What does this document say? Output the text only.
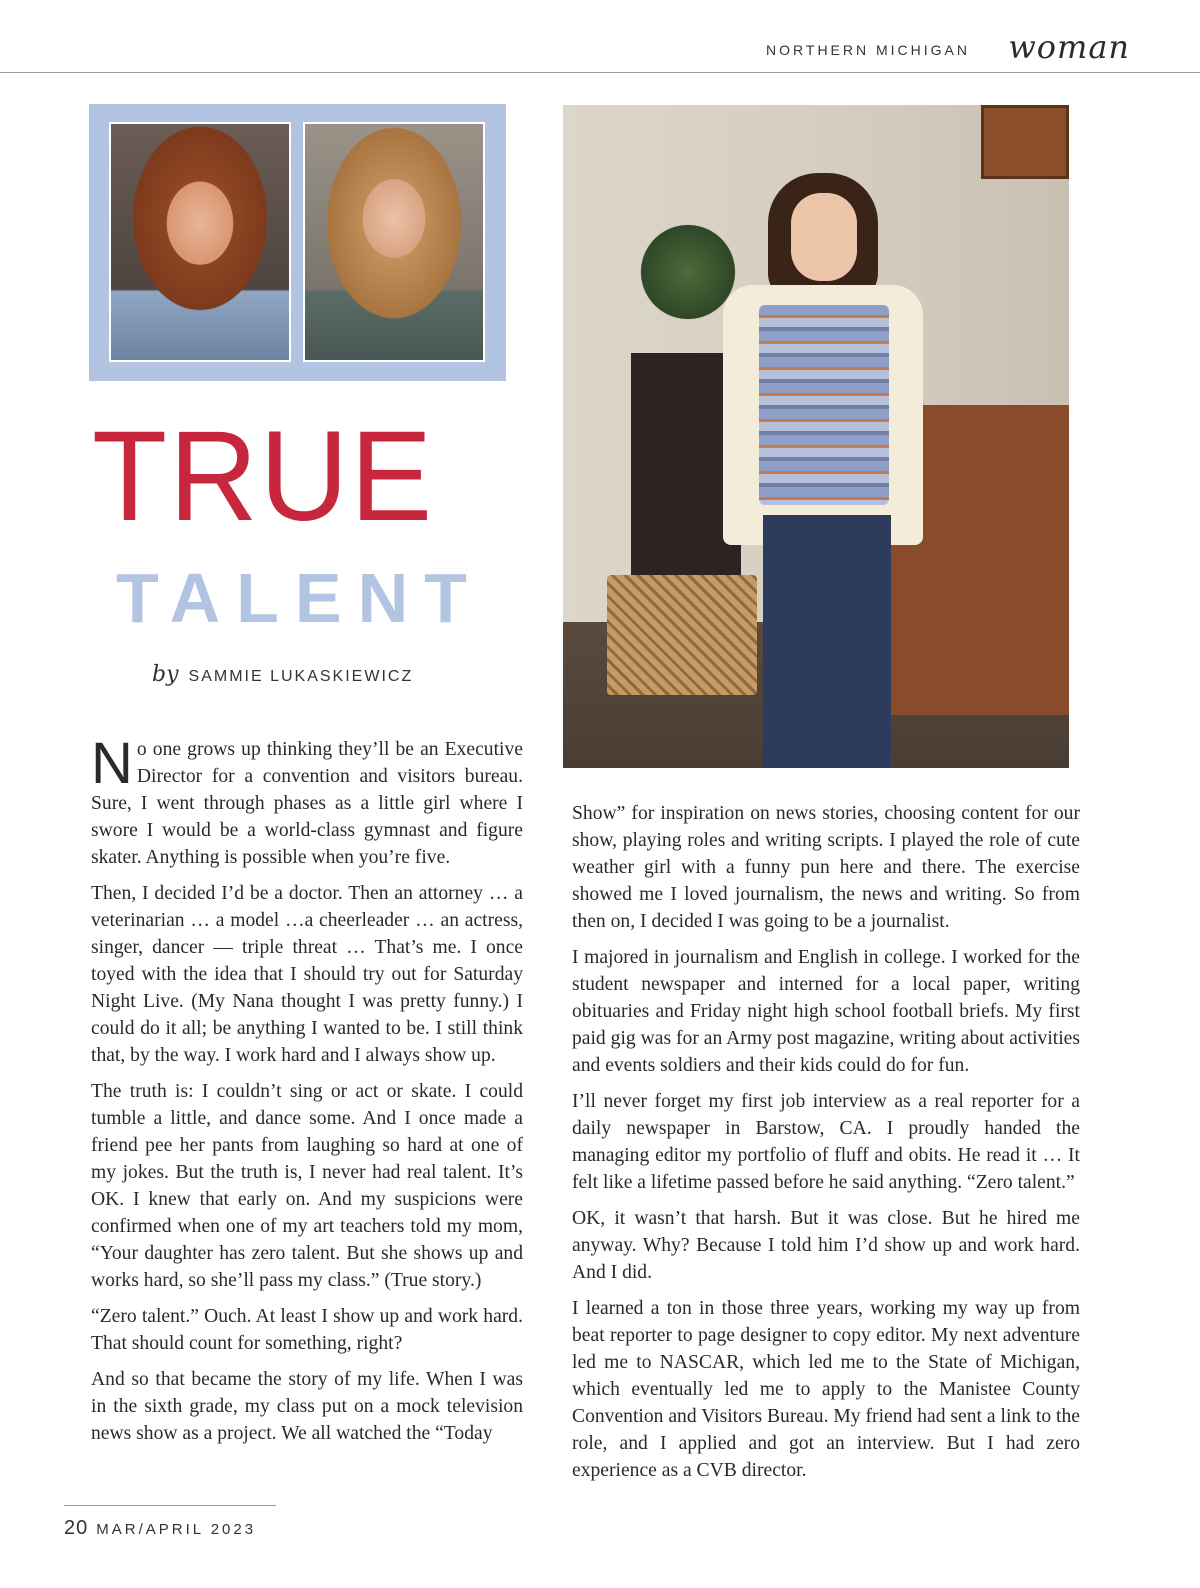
NORTHERN MICHIGAN woman
TRUE
TALENT
by SAMMIE LUKASKIEWICZ

No one grows up thinking they’ll be an Executive Director for a convention and visitors bureau. Sure, I went through phases as a little girl where I swore I would be a world-class gymnast and figure skater. Anything is possible when you’re five.

Then, I decided I’d be a doctor. Then an attorney … a veterinarian … a model …a cheerleader … an actress, singer, dancer — triple threat … That’s me. I once toyed with the idea that I should try out for Saturday Night Live. (My Nana thought I was pretty funny.) I could do it all; be anything I wanted to be. I still think that, by the way. I work hard and I always show up.

The truth is: I couldn’t sing or act or skate. I could tumble a little, and dance some. And I once made a friend pee her pants from laughing so hard at one of my jokes. But the truth is, I never had real talent. It’s OK. I knew that early on. And my suspicions were confirmed when one of my art teachers told my mom, “Your daughter has zero talent. But she shows up and works hard, so she’ll pass my class.” (True story.)

“Zero talent.” Ouch. At least I show up and work hard. That should count for something, right?

And so that became the story of my life. When I was in the sixth grade, my class put on a mock television news show as a project. We all watched the “Today

Show” for inspiration on news stories, choosing content for our show, playing roles and writing scripts. I played the role of cute weather girl with a funny pun here and there. The exercise showed me I loved journalism, the news and writing. So from then on, I decided I was going to be a journalist.

I majored in journalism and English in college. I worked for the student newspaper and interned for a local paper, writing obituaries and Friday night high school football briefs. My first paid gig was for an Army post magazine, writing about activities and events soldiers and their kids could do for fun.

I’ll never forget my first job interview as a real reporter for a daily newspaper in Barstow, CA. I proudly handed the managing editor my portfolio of fluff and obits. He read it … It felt like a lifetime passed before he said anything. “Zero talent.”

OK, it wasn’t that harsh. But it was close. But he hired me anyway. Why? Because I told him I’d show up and work hard. And I did.

I learned a ton in those three years, working my way up from beat reporter to page designer to copy editor. My next adventure led me to NASCAR, which led me to the State of Michigan, which eventually led me to apply to the Manistee County Convention and Visitors Bureau. My friend had sent a link to the role, and I applied and got an interview. But I had zero experience as a CVB director.

20 MAR/APRIL 2023
